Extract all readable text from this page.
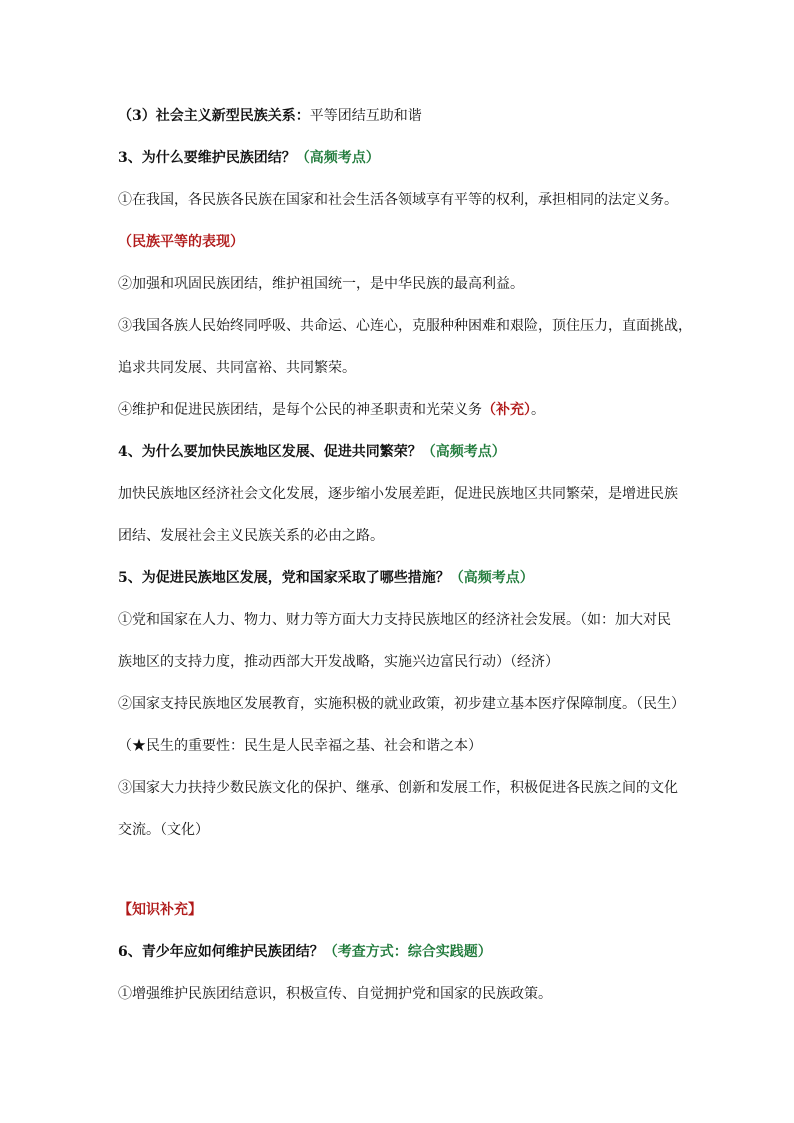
（3）社会主义新型民族关系：平等团结互助和谐
3、为什么要维护民族团结？（高频考点）
①在我国，各民族各民族在国家和社会生活各领域享有平等的权利，承担相同的法定义务。
（民族平等的表现）
②加强和巩固民族团结，维护祖国统一，是中华民族的最高利益。
③我国各族人民始终同呼吸、共命运、心连心，克服种种困难和艰险，顶住压力，直面挑战，
追求共同发展、共同富裕、共同繁荣。
④维护和促进民族团结，是每个公民的神圣职责和光荣义务（补充）。
4、为什么要加快民族地区发展、促进共同繁荣？（高频考点）
加快民族地区经济社会文化发展，逐步缩小发展差距，促进民族地区共同繁荣，是增进民族
团结、发展社会主义民族关系的必由之路。
5、为促进民族地区发展，党和国家采取了哪些措施？（高频考点）
①党和国家在人力、物力、财力等方面大力支持民族地区的经济社会发展。（如：加大对民
族地区的支持力度，推动西部大开发战略，实施兴边富民行动）（经济）
②国家支持民族地区发展教育，实施积极的就业政策，初步建立基本医疗保障制度。（民生）
（★民生的重要性：民生是人民幸福之基、社会和谐之本）
③国家大力扶持少数民族文化的保护、继承、创新和发展工作，积极促进各民族之间的文化
交流。（文化）
【知识补充】
6、青少年应如何维护民族团结？（考查方式：综合实践题）
①增强维护民族团结意识，积极宣传、自觉拥护党和国家的民族政策。
